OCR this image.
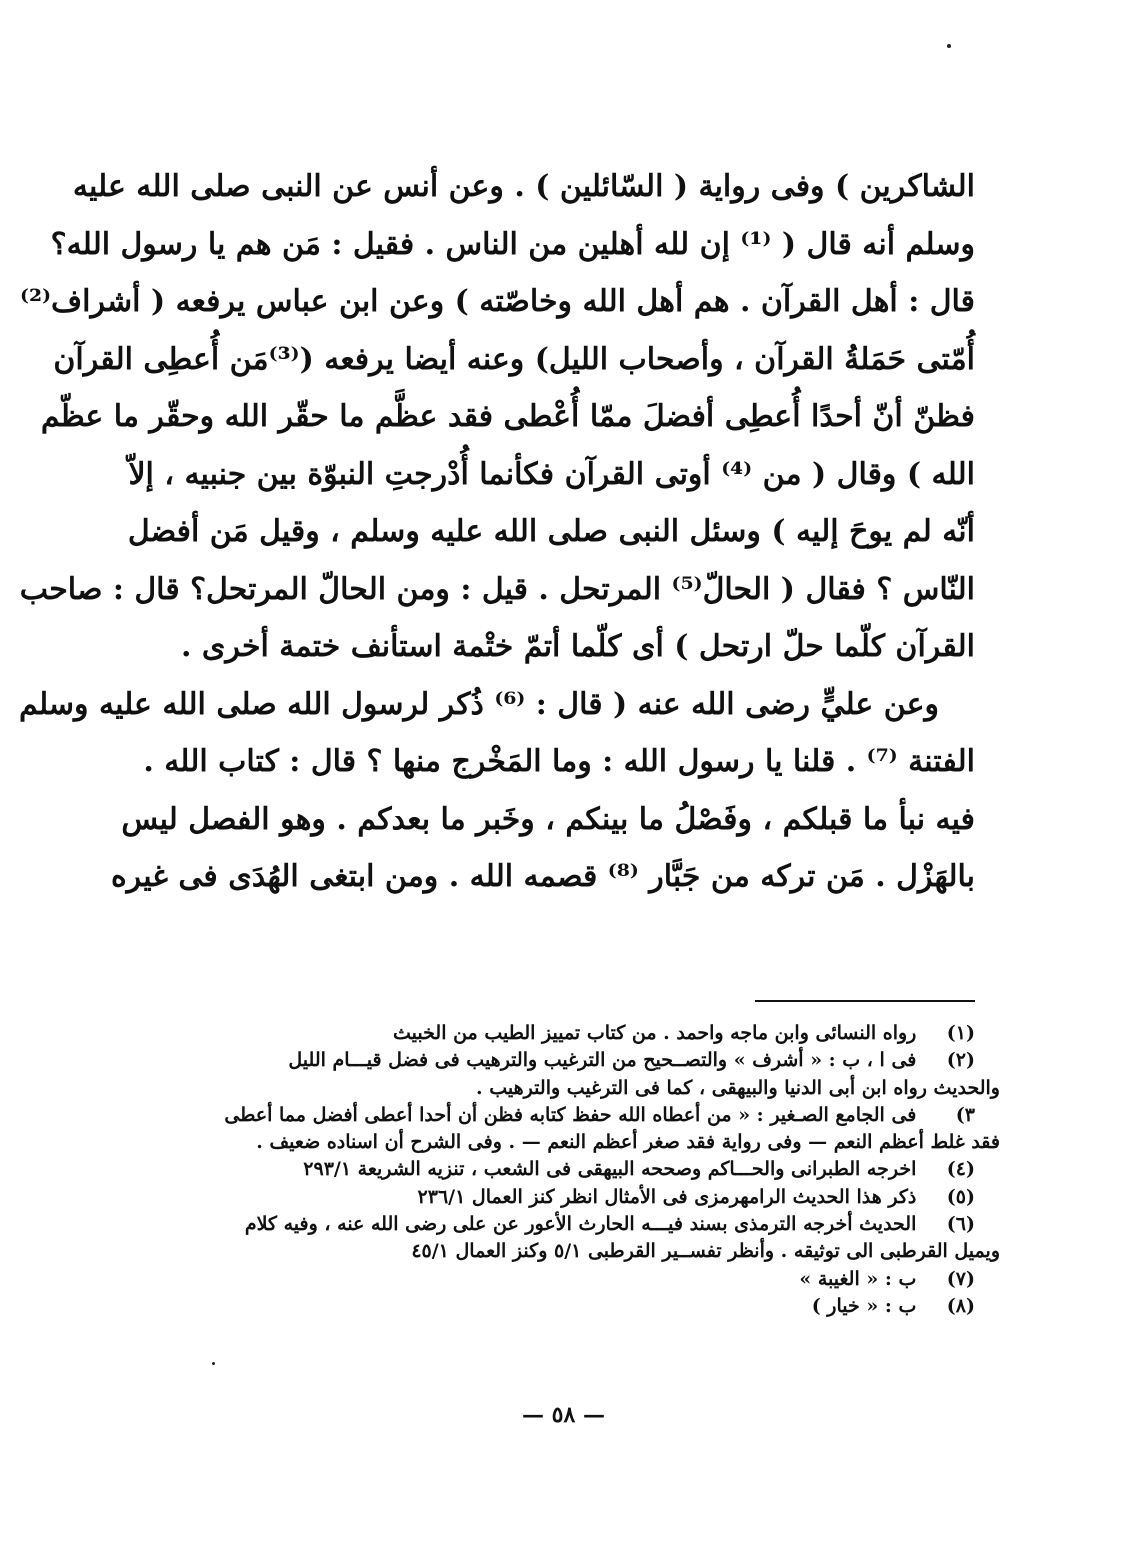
الشاكرين ) وفى رواية ( السّائلين ) . وعن أنس عن النبى صلى الله عليه
وسلم أنه قال ( ⁽¹⁾ إن لله أهلين من الناس . فقيل : مَن هم يا رسول الله؟
قال : أهل القرآن . هم أهل الله وخاصّته ) وعن ابن عباس يرفعه ( أشراف⁽²⁾
أُمّتى حَمَلةُ القرآن ، وأصحاب الليل) وعنه أيضا يرفعه (⁽³⁾مَن أُعطِى القرآن
فظنّ أنّ أحدًا أُعطِى أفضلَ ممّا أُعْطى فقد عظَّم ما حقّر الله وحقّر ما عظّم
الله ) وقال ( من ⁽⁴⁾ أوتى القرآن فكأنما أُدْرجتِ النبوّة بين جنبيه ، إلاّ
أنّه لم يوحَ إليه ) وسئل النبى صلى الله عليه وسلم ، وقيل مَن أفضل
النّاس ؟ فقال ( الحالّ⁽⁵⁾ المرتحل . قيل : ومن الحالّ المرتحل؟ قال : صاحب
القرآن كلّما حلّ ارتحل ) أى كلّما أتمّ ختْمة استأنف ختمة أخرى .
وعن عليٍّ رضى الله عنه ( قال : ⁽⁶⁾ ذُكر لرسول الله صلى الله عليه وسلم
الفتنة ⁽⁷⁾ . قلنا يا رسول الله : وما المَخْرج منها ؟ قال : كتاب الله .
فيه نبأ ما قبلكم ، وفَصْلُ ما بينكم ، وخَبر ما بعدكم . وهو الفصل ليس
بالهَزْل . مَن تركه من جَبَّار ⁽⁸⁾ قصمه الله . ومن ابتغى الهُدَى فى غيره
(١) رواه النسائى وابن ماجه واحمد . من كتاب تمييز الطيب من الخبيث
(٢) فى ا ، ب : « أشرف » والتصــحيح من الترغيب والترهيب فى فضل قيـــام الليل
والحديث رواه ابن أبى الدنيا والبيهقى ، كما فى الترغيب والترهيب .
٣) فى الجامع الصـغير : « من أعطاه الله حفظ كتابه فظن أن أحدا أعطى أفضل مما أعطى
فقد غلط أعظم النعم — وفى رواية فقد صغر أعظم النعم — . وفى الشرح أن اسناده ضعيف .
(٤) اخرجه الطبرانى والحـــاكم وصححه البيهقى فى الشعب ، تنزيه الشريعة ٢٩٣/١
(٥) ذكر هذا الحديث الرامهرمزى فى الأمثال انظر كنز العمال ٢٣٦/١
(٦) الحديث أخرجه الترمذى بسند فيـــه الحارث الأعور عن على رضى الله عنه ، وفيه كلام
ويميل القرطبى الى توثيقه . وأنظر تفســير القرطبى ٥/١ وكنز العمال ٤٥/١
(٧) ب : « الغيبة »
(٨) ب : « خيار )
— ٥٨ —
